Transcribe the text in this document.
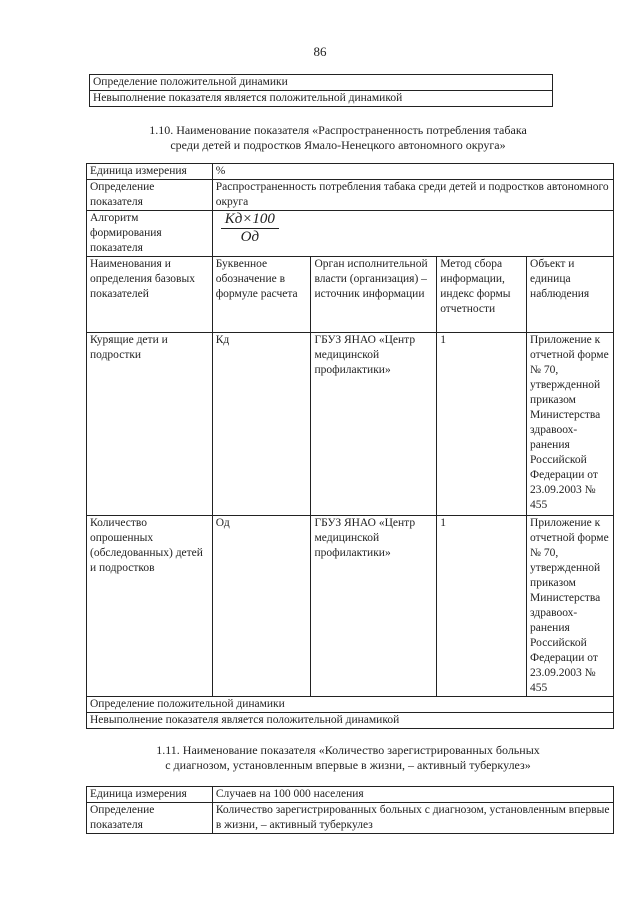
86
Определение положительной динамики
Невыполнение показателя является положительной динамикой
1.10. Наименование показателя «Распространенность потребления табака
среди детей и подростков Ямало-Ненецкого автономного округа»
Единица измерения	%			
Определение показателя	Распространенность потребления табака среди детей и подростков автономного округа			
Алгоритм формирования показателя	$\frac{Kд\times 100}{Oд}$

Наименования и определения базовых показателей	Буквенное обозначение в формуле расчета	Орган исполнительной власти (организация) – источник информации	Метод сбора информации, индекс формы отчетности	Объект и единица наблюдения
Курящие дети и подростки	Кд	ГБУЗ ЯНАО «Центр медицинской профилактики»	1	Приложение к отчетной форме № 70, утвержденной приказом Министерства здравоох-ранения Российской Федерации от 23.09.2003 № 455
Количество опрошенных (обследованных) детей и подростков	Од	ГБУЗ ЯНАО «Центр медицинской профилактики»	1	Приложение к отчетной форме № 70, утвержденной приказом Министерства здравоох-ранения Российской Федерации от 23.09.2003 № 455
Определение положительной динамики				
Невыполнение показателя является положительной динамикой				
1.11. Наименование показателя «Количество зарегистрированных больных
с диагнозом, установленным впервые в жизни, – активный туберкулез»
Единица измерения	Случаев на 100 000 населения
Определение показателя	Количество зарегистрированных больных с диагнозом, установленным впервые в жизни, – активный туберкулез
